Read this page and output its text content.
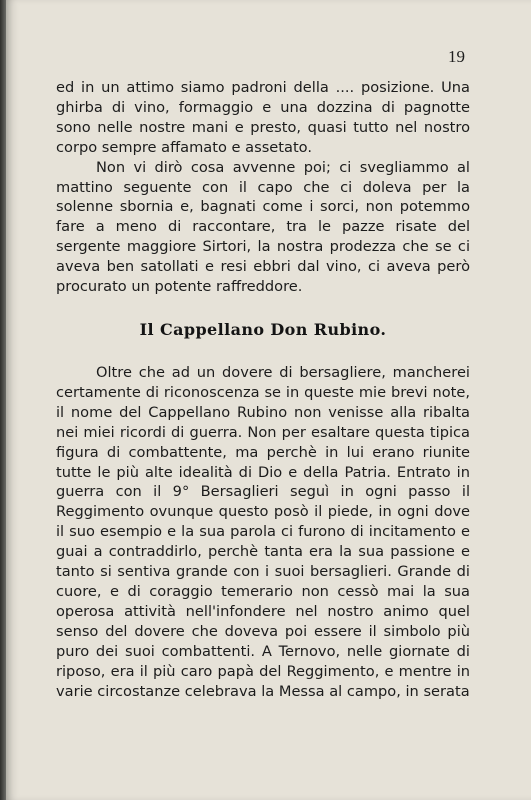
19

ed in un attimo siamo padroni della .... posizione. Una ghirba di vino, formaggio e una dozzina di pagnotte sono nelle nostre mani e presto, quasi tutto nel nostro corpo sempre affamato e assetato.

Non vi dirò cosa avvenne poi; ci svegliammo al mattino seguente con il capo che ci doleva per la solenne sbornia e, bagnati come i sorci, non potemmo fare a meno di raccontare, tra le pazze risate del sergente maggiore Sirtori, la nostra prodezza che se ci aveva ben satollati e resi ebbri dal vino, ci aveva però procurato un potente raffreddore.

Il Cappellano Don Rubino.

Oltre che ad un dovere di bersagliere, mancherei certamente di riconoscenza se in queste mie brevi note, il nome del Cappellano Rubino non venisse alla ribalta nei miei ricordi di guerra. Non per esaltare questa tipica figura di combattente, ma perchè in lui erano riunite tutte le più alte idealità di Dio e della Patria. Entrato in guerra con il 9° Bersaglieri seguì in ogni passo il Reggimento ovunque questo posò il piede, in ogni dove il suo esempio e la sua parola ci furono di incitamento e guai a contraddirlo, perchè tanta era la sua passione e tanto si sentiva grande con i suoi bersaglieri. Grande di cuore, e di coraggio temerario non cessò mai la sua operosa attività nell'infondere nel nostro animo quel senso del dovere che doveva poi essere il simbolo più puro dei suoi combattenti. A Ternovo, nelle giornate di riposo, era il più caro papà del Reggimento, e mentre in varie circostanze celebrava la Messa al campo, in serata
